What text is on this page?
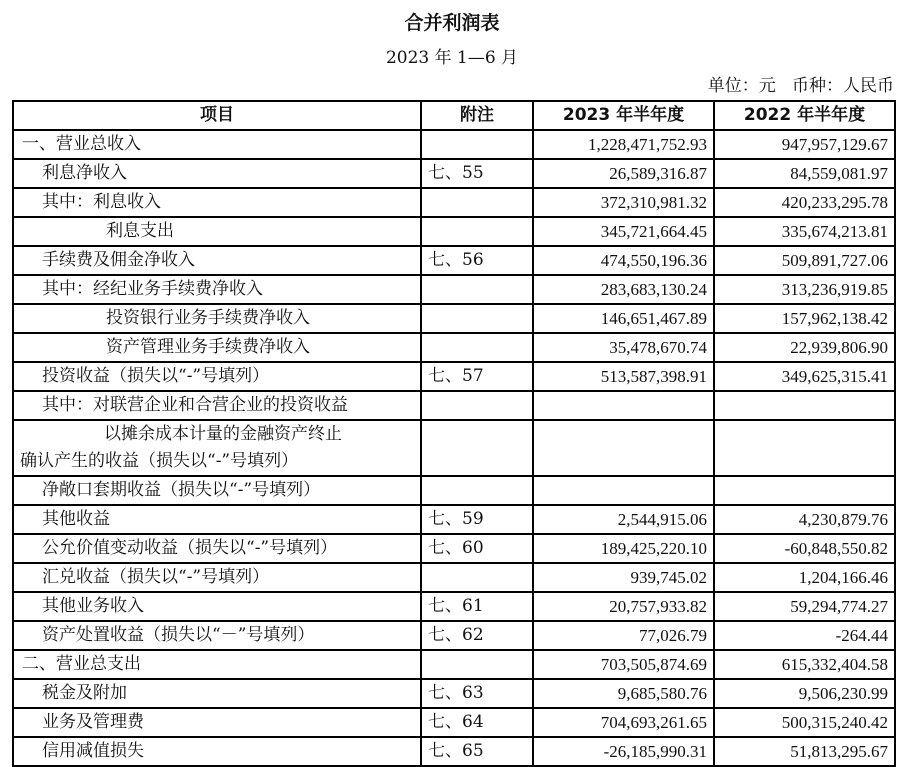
合并利润表
2023 年 1—6 月
单位：元   币种：人民币
项目	附注	2023 年半年度	2022 年半年度
一、营业总收入		1,228,471,752.93	947,957,129.67
利息净收入	七、55	26,589,316.87	84,559,081.97
其中：利息收入		372,310,981.32	420,233,295.78
利息支出		345,721,664.45	335,674,213.81
手续费及佣金净收入	七、56	474,550,196.36	509,891,727.06
其中：经纪业务手续费净收入		283,683,130.24	313,236,919.85
投资银行业务手续费净收入		146,651,467.89	157,962,138.42
资产管理业务手续费净收入		35,478,670.74	22,939,806.90
投资收益（损失以“-”号填列）	七、57	513,587,398.91	349,625,315.41
其中：对联营企业和合营企业的投资收益			

以摊余成本计量的金融资产终止
确认产生的收益（损失以“-”号填列）			

净敞口套期收益（损失以“-”号填列）			
其他收益	七、59	2,544,915.06	4,230,879.76
公允价值变动收益（损失以“-”号填列）	七、60	189,425,220.10	-60,848,550.82
汇兑收益（损失以“-”号填列）		939,745.02	1,204,166.46
其他业务收入	七、61	20,757,933.82	59,294,774.27
资产处置收益（损失以“－”号填列）	七、62	77,026.79	-264.44
二、营业总支出		703,505,874.69	615,332,404.58
税金及附加	七、63	9,685,580.76	9,506,230.99
业务及管理费	七、64	704,693,261.65	500,315,240.42
信用减值损失	七、65	-26,185,990.31	51,813,295.67
